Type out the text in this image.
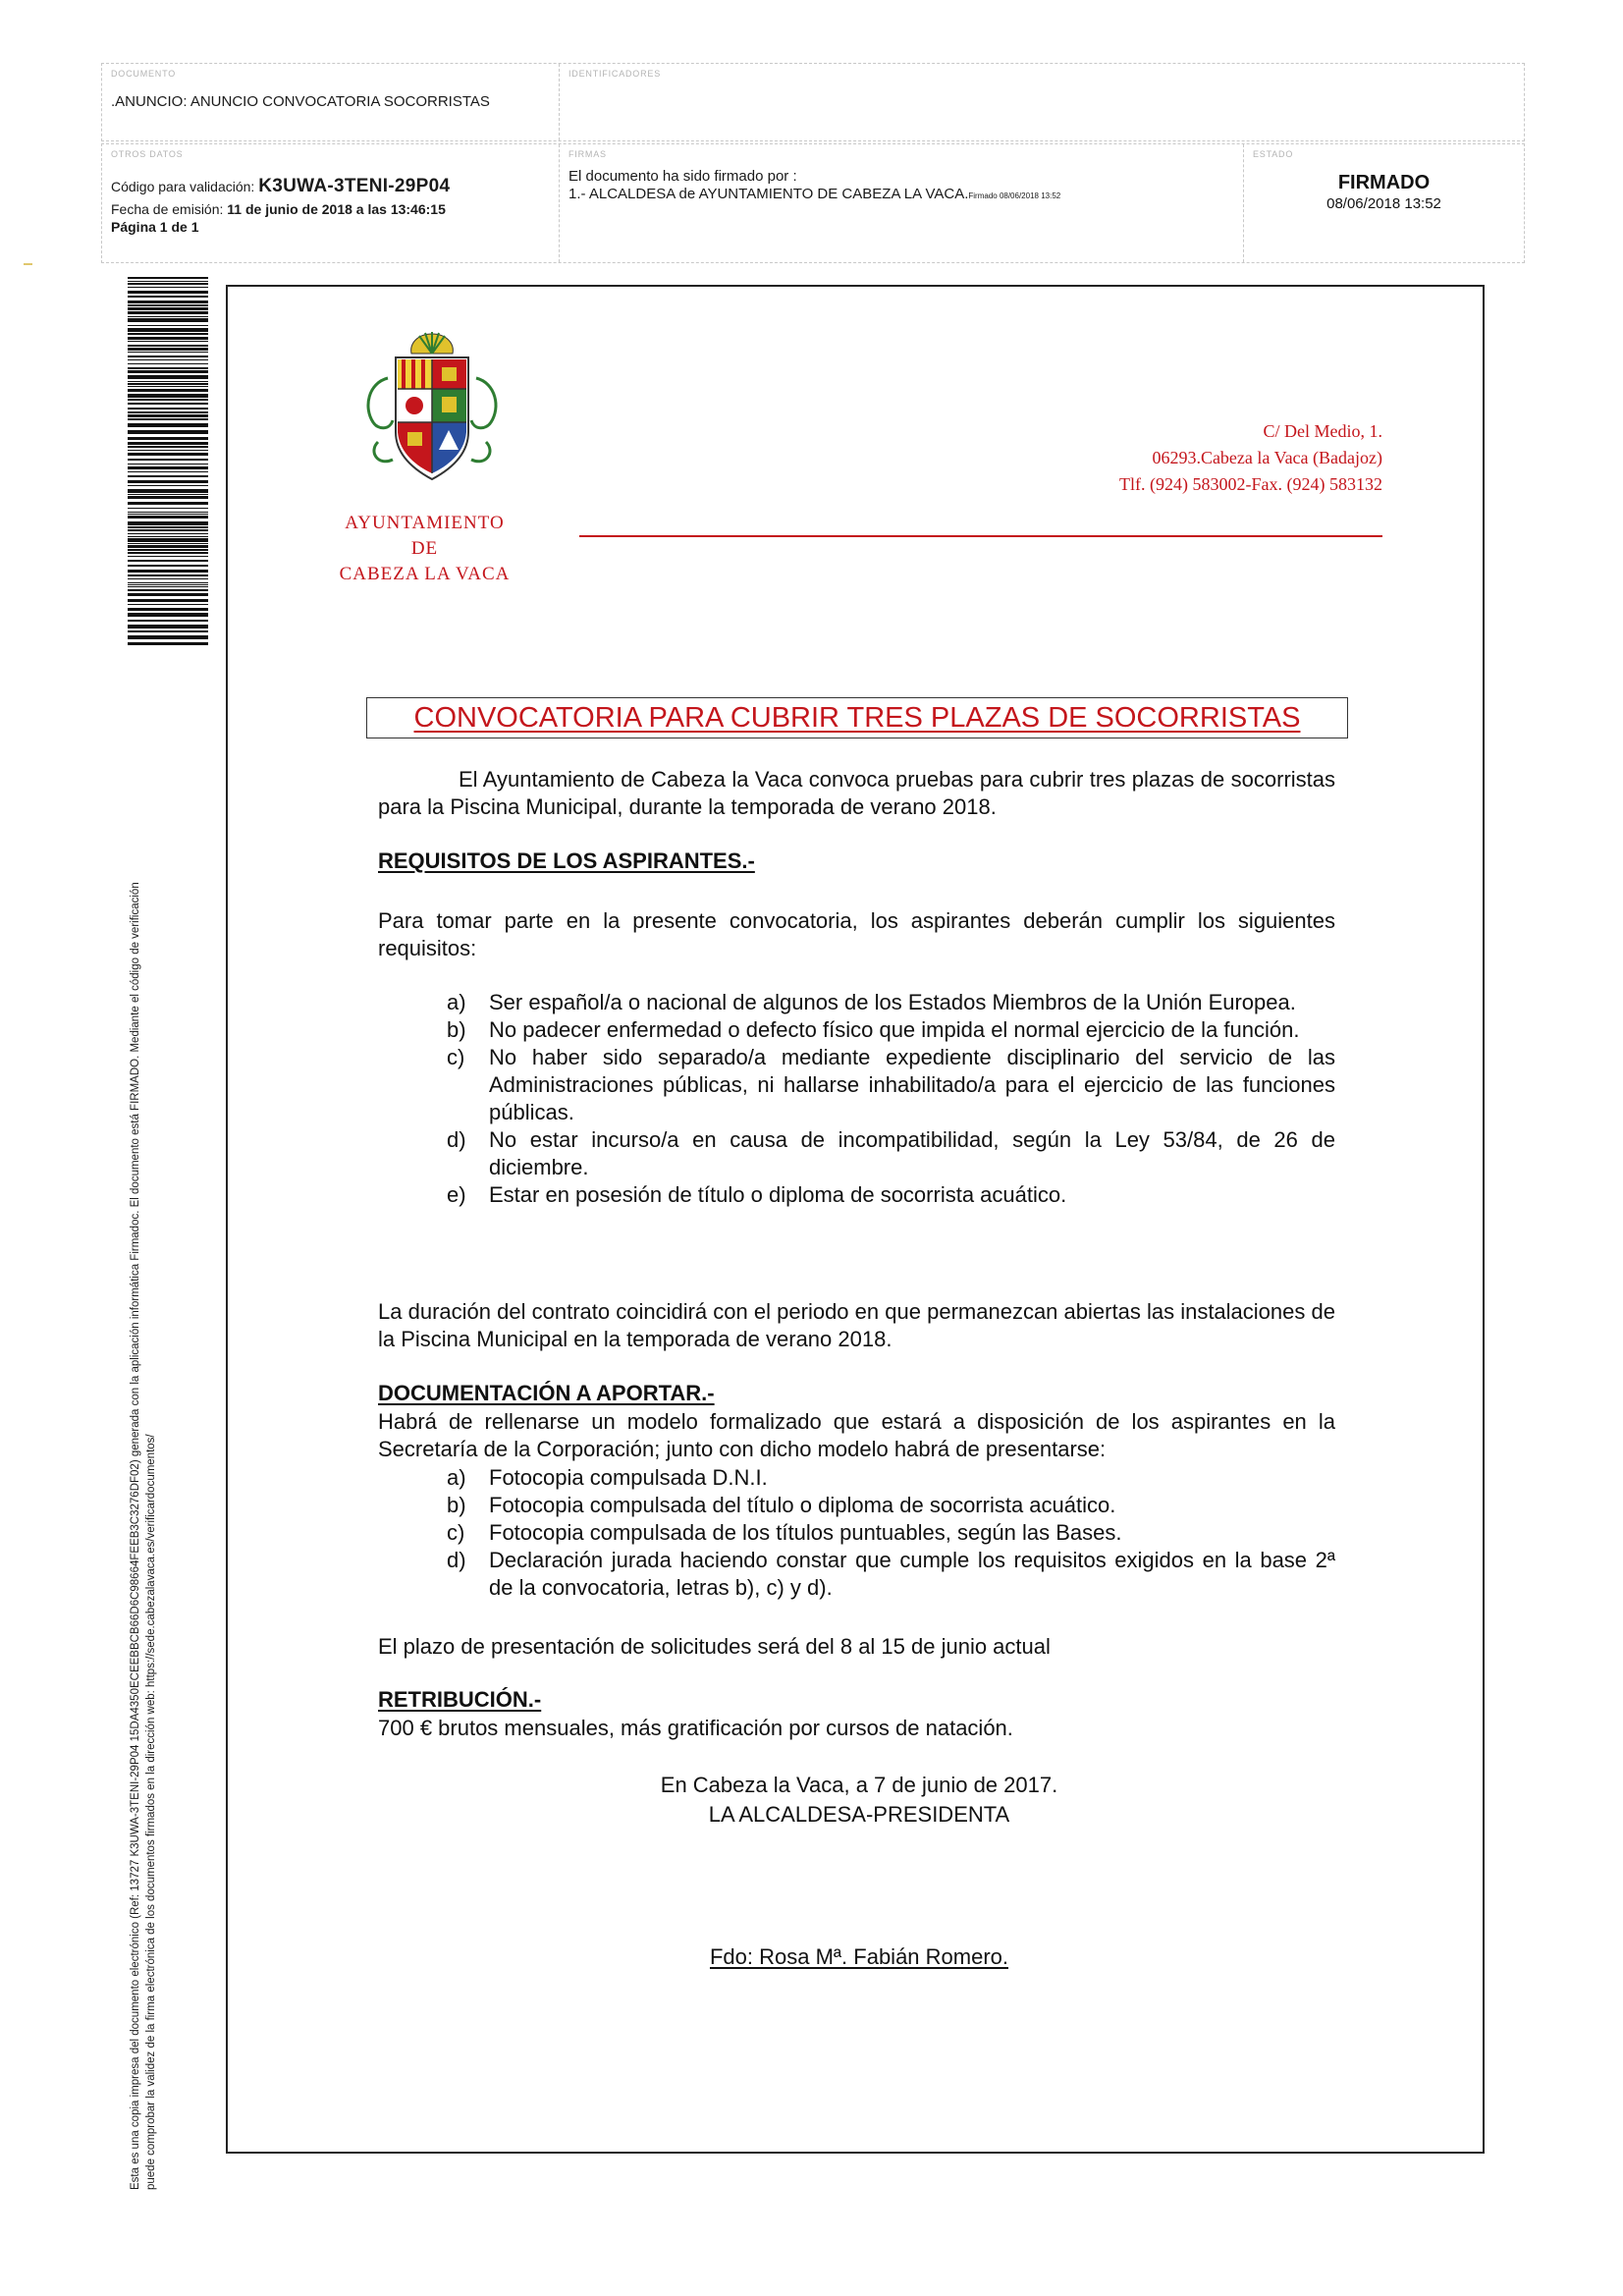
DOCUMENTO
.ANUNCIO: ANUNCIO CONVOCATORIA SOCORRISTAS
IDENTIFICADORES
OTROS DATOS
Código para validación: K3UWA-3TENI-29P04
Fecha de emisión: 11 de junio de 2018 a las 13:46:15
Página 1 de 1
FIRMAS
El documento ha sido firmado por :
1.- ALCALDESA de AYUNTAMIENTO DE CABEZA LA VACA.Firmado 08/06/2018 13:52
ESTADO
FIRMADO
08/06/2018 13:52
Esta es una copia impresa del documento electrónico (Ref: 13727 K3UWA-3TENI-29P04 15DA4350ECEEBBCB66D6C98664FEEB3C3276DF02) generada con la aplicación informática Firmadoc. El documento está FIRMADO. Mediante el código de verificación puede comprobar la validez de la firma electrónica de los documentos firmados en la dirección web: https://sede.cabezalavaca.es/verificardocumentos/
AYUNTAMIENTO
DE
CABEZA LA VACA
C/ Del Medio, 1.
06293.Cabeza la Vaca (Badajoz)
Tlf. (924) 583002-Fax. (924) 583132
CONVOCATORIA PARA CUBRIR TRES PLAZAS DE SOCORRISTAS
El Ayuntamiento de Cabeza la Vaca convoca pruebas para cubrir tres plazas de socorristas para la Piscina Municipal, durante la temporada de verano 2018.
REQUISITOS DE LOS ASPIRANTES.-
Para tomar parte en la presente convocatoria, los aspirantes deberán cumplir los siguientes requisitos:
a) Ser español/a o nacional de algunos de los Estados Miembros de la Unión Europea.
b) No padecer enfermedad o defecto físico que impida el normal ejercicio de la función.
c) No haber sido separado/a mediante expediente disciplinario del servicio de las Administraciones públicas, ni hallarse inhabilitado/a para el ejercicio de las funciones públicas.
d) No estar incurso/a en causa de incompatibilidad, según la Ley 53/84, de 26 de diciembre.
e) Estar en posesión de título o diploma de socorrista acuático.
La duración del contrato coincidirá con el periodo en que permanezcan abiertas las instalaciones de la Piscina Municipal en la temporada de verano 2018.
DOCUMENTACIÓN A APORTAR.-
Habrá de rellenarse un modelo formalizado que estará a disposición de los aspirantes en la Secretaría de la Corporación; junto con dicho modelo habrá de presentarse:
a) Fotocopia compulsada D.N.I.
b) Fotocopia compulsada del título o diploma de socorrista acuático.
c) Fotocopia compulsada de los títulos puntuables, según las Bases.
d) Declaración jurada haciendo constar que cumple los requisitos exigidos en la base 2ª de la convocatoria, letras b), c) y d).
El plazo de presentación de solicitudes será del 8 al 15 de junio actual
RETRIBUCIÓN.-
700 € brutos mensuales, más gratificación por cursos de natación.
En Cabeza la Vaca, a 7 de junio de 2017.
LA ALCALDESA-PRESIDENTA
Fdo: Rosa Mª. Fabián Romero.
